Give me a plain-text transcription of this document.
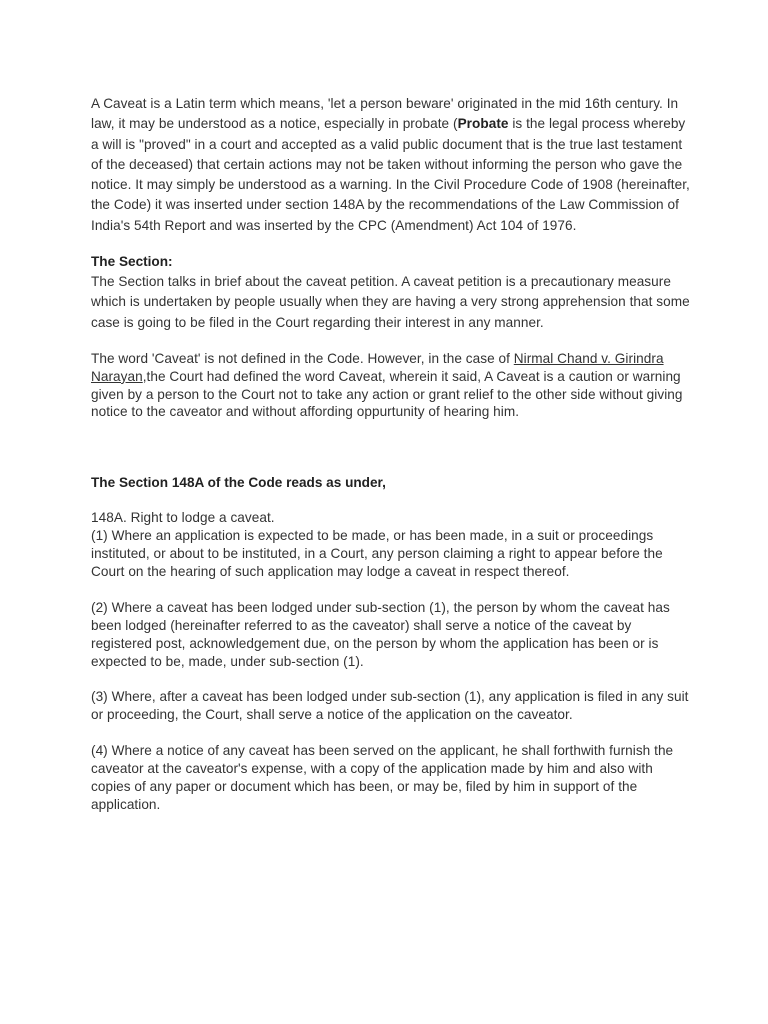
A Caveat is a Latin term which means, 'let a person beware' originated in the mid 16th century. In law, it may be understood as a notice, especially in probate (Probate is the legal process whereby a will is "proved" in a court and accepted as a valid public document that is the true last testament of the deceased) that certain actions may not be taken without informing the person who gave the notice. It may simply be understood as a warning. In the Civil Procedure Code of 1908 (hereinafter, the Code) it was inserted under section 148A by the recommendations of the Law Commission of India's 54th Report and was inserted by the CPC (Amendment) Act 104 of 1976.

The Section:

The Section talks in brief about the caveat petition. A caveat petition is a precautionary measure which is undertaken by people usually when they are having a very strong apprehension that some case is going to be filed in the Court regarding their interest in any manner.

The word 'Caveat' is not defined in the Code. However, in the case of Nirmal Chand v. Girindra Narayan,the Court had defined the word Caveat, wherein it said, A Caveat is a caution or warning given by a person to the Court not to take any action or grant relief to the other side without giving notice to the caveator and without affording oppurtunity of hearing him.

The Section 148A of the Code reads as under,

148A. Right to lodge a caveat.

(1) Where an application is expected to be made, or has been made, in a suit or proceedings instituted, or about to be instituted, in a Court, any person claiming a right to appear before the Court on the hearing of such application may lodge a caveat in respect thereof.

(2) Where a caveat has been lodged under sub-section (1), the person by whom the caveat has been lodged (hereinafter referred to as the caveator) shall serve a notice of the caveat by registered post, acknowledgement due, on the person by whom the application has been or is expected to be, made, under sub-section (1).

(3) Where, after a caveat has been lodged under sub-section (1), any application is filed in any suit or proceeding, the Court, shall serve a notice of the application on the caveator.

(4) Where a notice of any caveat has been served on the applicant, he shall forthwith furnish the caveator at the caveator's expense, with a copy of the application made by him and also with copies of any paper or document which has been, or may be, filed by him in support of the application.
